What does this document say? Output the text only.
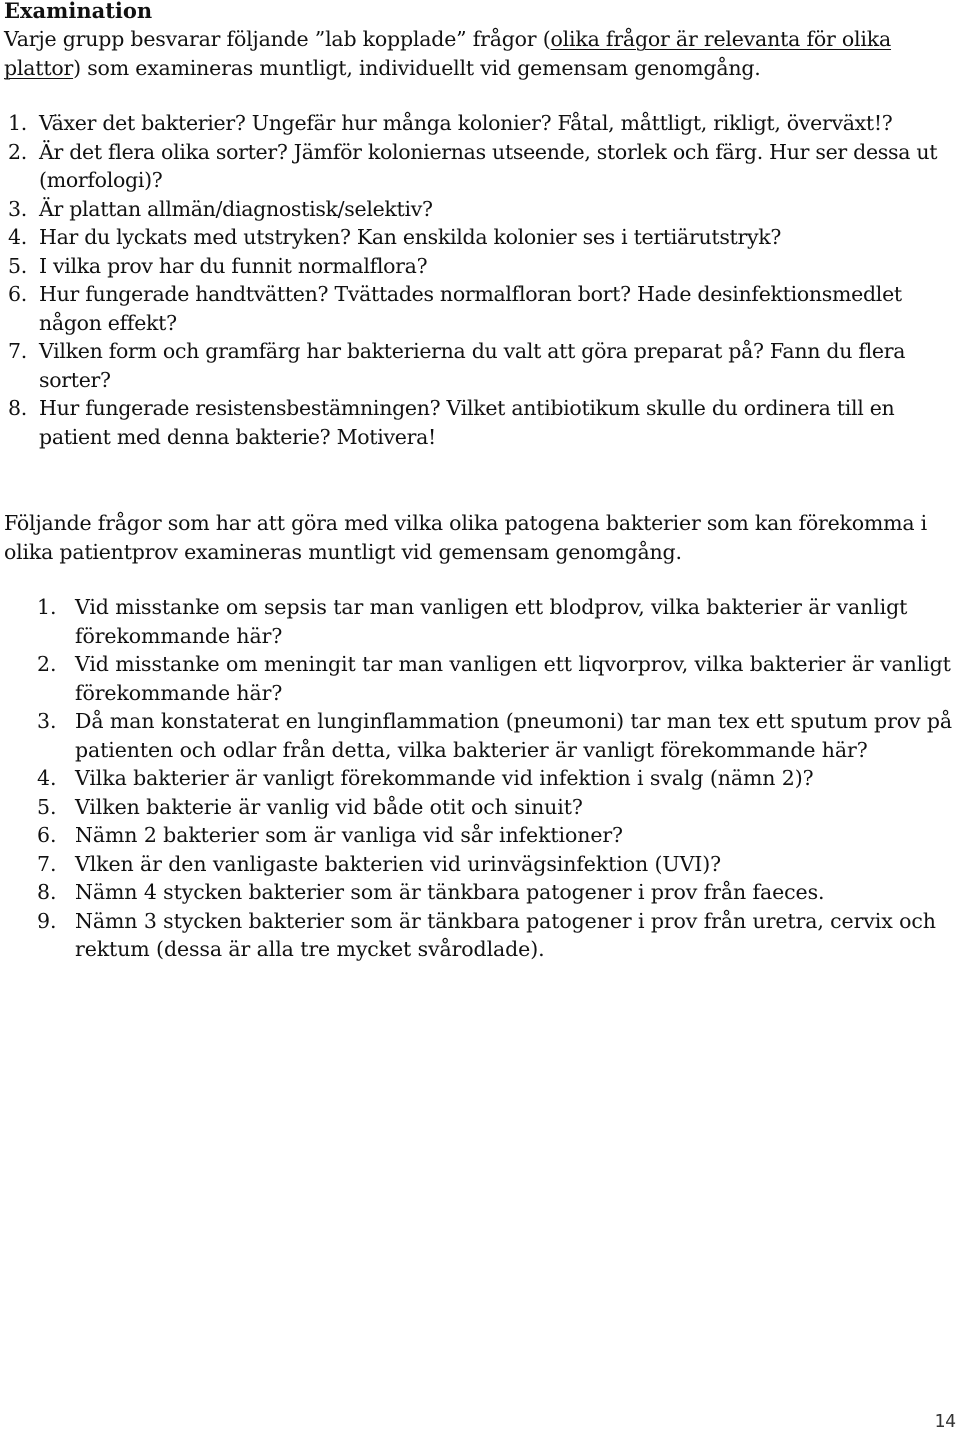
Examination

Varje grupp besvarar följande ”lab kopplade” frågor (olika frågor är relevanta för olika plattor) som examineras muntligt, individuellt vid gemensam genomgång.

1. Växer det bakterier? Ungefär hur många kolonier? Fåtal, måttligt, rikligt, överväxt!?
2. Är det flera olika sorter? Jämför koloniernas utseende, storlek och färg. Hur ser dessa ut (morfologi)?
3. Är plattan allmän/diagnostisk/selektiv?
4. Har du lyckats med utstryken? Kan enskilda kolonier ses i tertiärutstryk?
5. I vilka prov har du funnit normalflora?
6. Hur fungerade handtvätten? Tvättades normalfloran bort? Hade desinfektionsmedlet någon effekt?
7. Vilken form och gramfärg har bakterierna du valt att göra preparat på? Fann du flera sorter?
8. Hur fungerade resistensbestämningen? Vilket antibiotikum skulle du ordinera till en patient med denna bakterie? Motivera!

Följande frågor som har att göra med vilka olika patogena bakterier som kan förekomma i olika patientprov examineras muntligt vid gemensam genomgång.

1. Vid misstanke om sepsis tar man vanligen ett blodprov, vilka bakterier är vanligt förekommande här?
2. Vid misstanke om meningit tar man vanligen ett liqvorprov, vilka bakterier är vanligt förekommande här?
3. Då man konstaterat en lunginflammation (pneumoni) tar man tex ett sputum prov på patienten och odlar från detta, vilka bakterier är vanligt förekommande här?
4. Vilka bakterier är vanligt förekommande vid infektion i svalg (nämn 2)?
5. Vilken bakterie är vanlig vid både otit och sinuit?
6. Nämn 2 bakterier som är vanliga vid sår infektioner?
7. Vlken är den vanligaste bakterien vid urinvägsinfektion (UVI)?
8. Nämn 4 stycken bakterier som är tänkbara patogener i prov från faeces.
9. Nämn 3 stycken bakterier som är tänkbara patogener i prov från uretra, cervix och rektum (dessa är alla tre mycket svårodlade).
14
